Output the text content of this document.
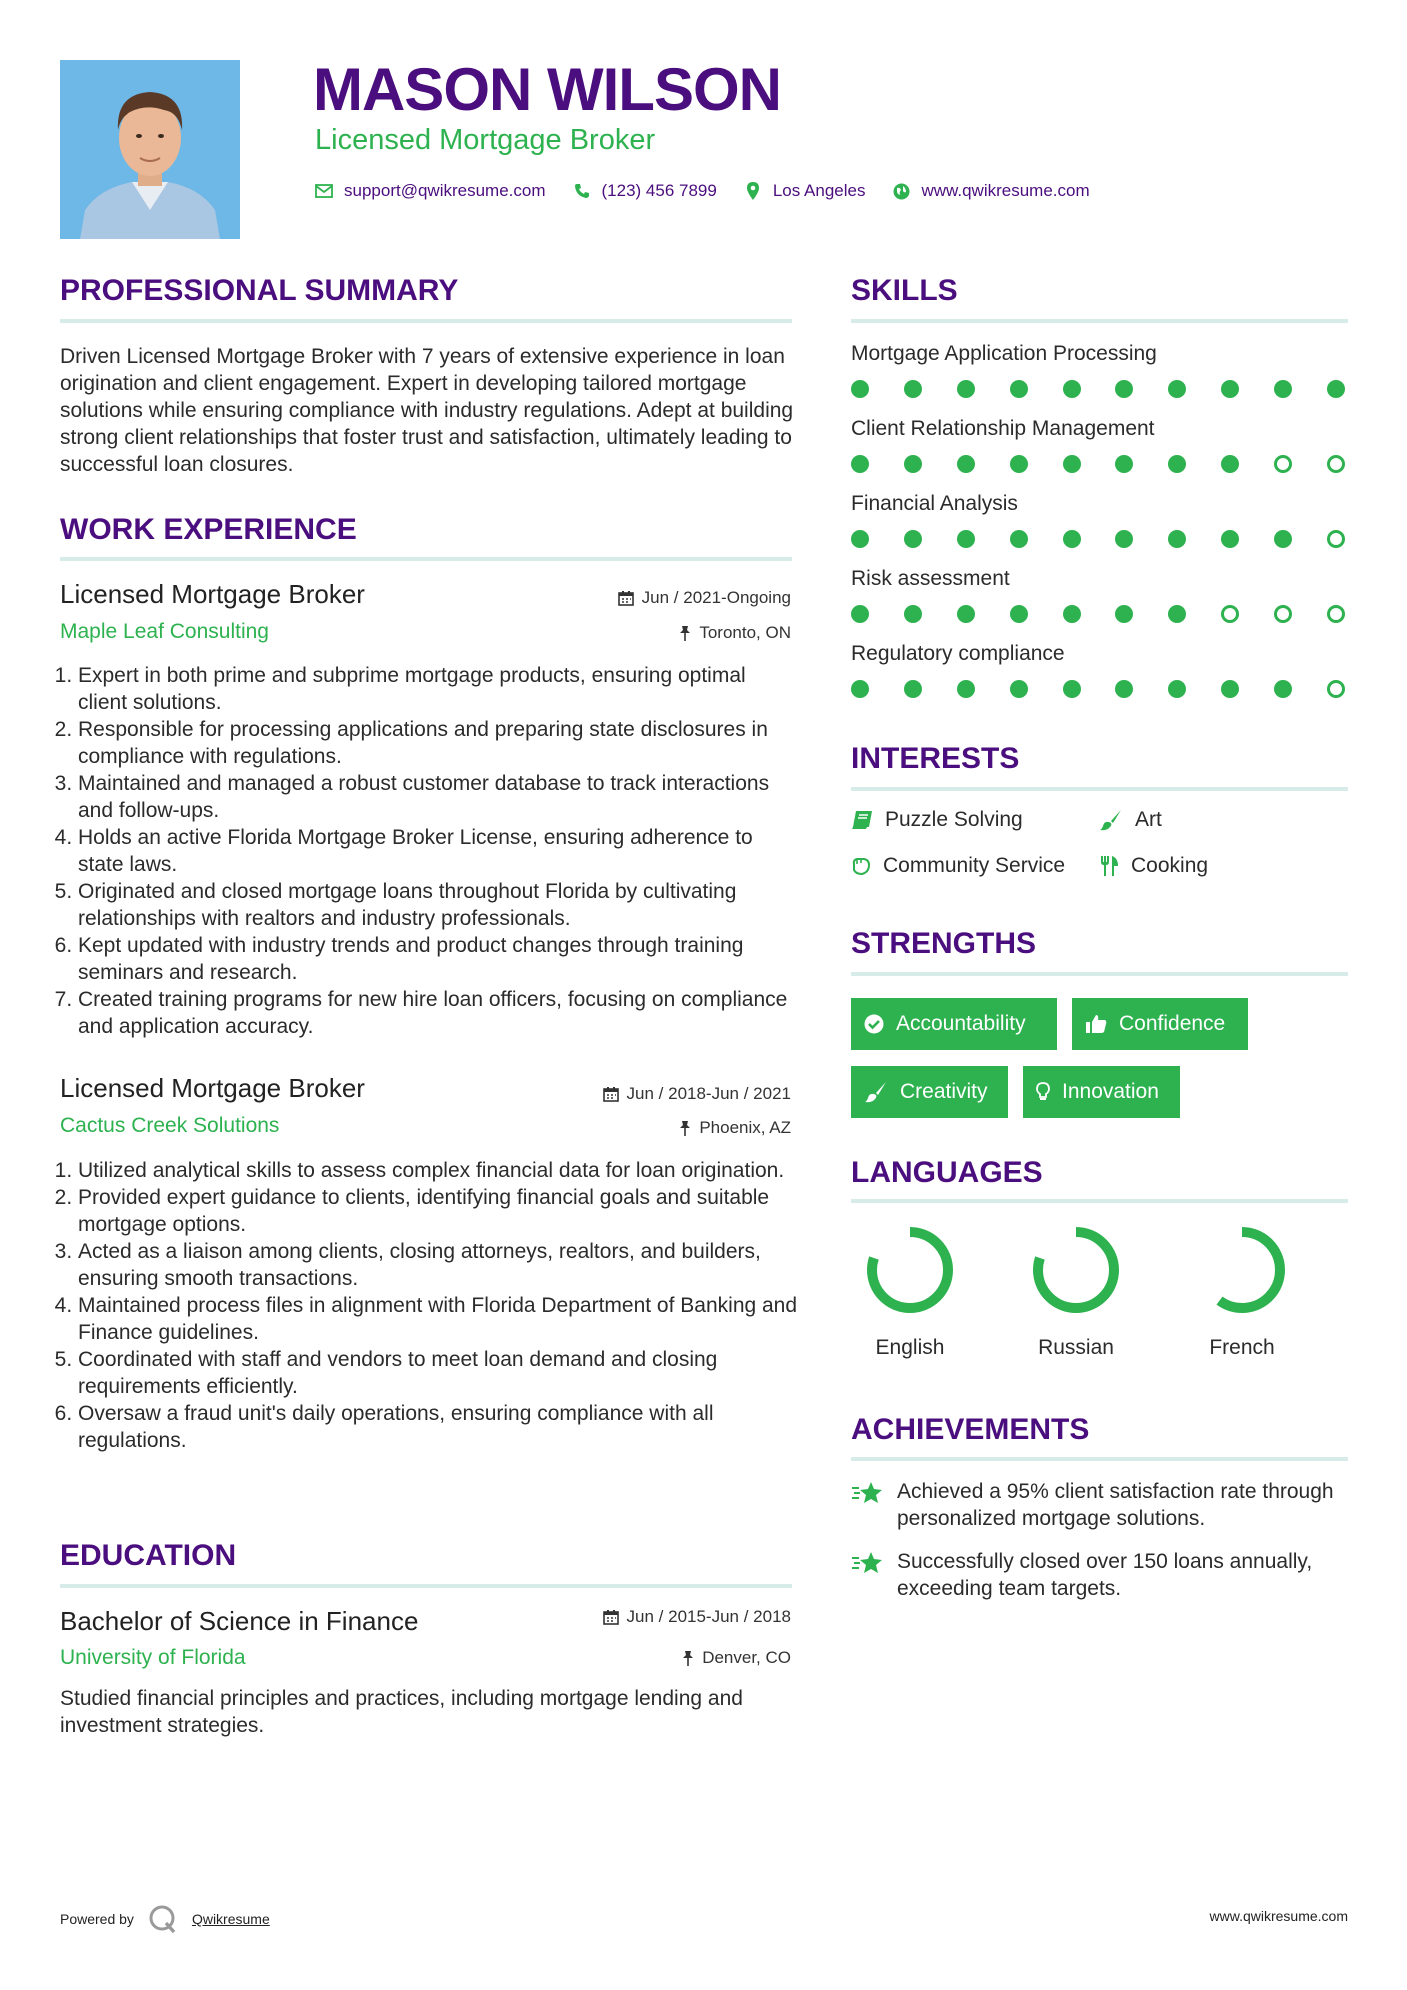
MASON WILSON
Licensed Mortgage Broker
support@qwikresume.com	(123) 456 7899	Los Angeles	www.qwikresume.com
PROFESSIONAL SUMMARY
Driven Licensed Mortgage Broker with 7 years of extensive experience in loan origination and client engagement. Expert in developing tailored mortgage solutions while ensuring compliance with industry regulations. Adept at building strong client relationships that foster trust and satisfaction, ultimately leading to successful loan closures.
WORK EXPERIENCE
Licensed Mortgage Broker	Jun / 2021-Ongoing
Maple Leaf Consulting	Toronto, ON
1. Expert in both prime and subprime mortgage products, ensuring optimal client solutions.
2. Responsible for processing applications and preparing state disclosures in compliance with regulations.
3. Maintained and managed a robust customer database to track interactions and follow-ups.
4. Holds an active Florida Mortgage Broker License, ensuring adherence to state laws.
5. Originated and closed mortgage loans throughout Florida by cultivating relationships with realtors and industry professionals.
6. Kept updated with industry trends and product changes through training seminars and research.
7. Created training programs for new hire loan officers, focusing on compliance and application accuracy.
Licensed Mortgage Broker	Jun / 2018-Jun / 2021
Cactus Creek Solutions	Phoenix, AZ
1. Utilized analytical skills to assess complex financial data for loan origination.
2. Provided expert guidance to clients, identifying financial goals and suitable mortgage options.
3. Acted as a liaison among clients, closing attorneys, realtors, and builders, ensuring smooth transactions.
4. Maintained process files in alignment with Florida Department of Banking and Finance guidelines.
5. Coordinated with staff and vendors to meet loan demand and closing requirements efficiently.
6. Oversaw a fraud unit's daily operations, ensuring compliance with all regulations.
EDUCATION
Bachelor of Science in Finance	Jun / 2015-Jun / 2018
University of Florida	Denver, CO
Studied financial principles and practices, including mortgage lending and investment strategies.
SKILLS
Mortgage Application Processing
Client Relationship Management
Financial Analysis
Risk assessment
Regulatory compliance
INTERESTS
Puzzle Solving	Art
Community Service	Cooking
STRENGTHS
Accountability	Confidence
Creativity	Innovation
LANGUAGES
English	Russian	French
ACHIEVEMENTS
Achieved a 95% client satisfaction rate through personalized mortgage solutions.
Successfully closed over 150 loans annually, exceeding team targets.
Powered by	Qwikresume	www.qwikresume.com
